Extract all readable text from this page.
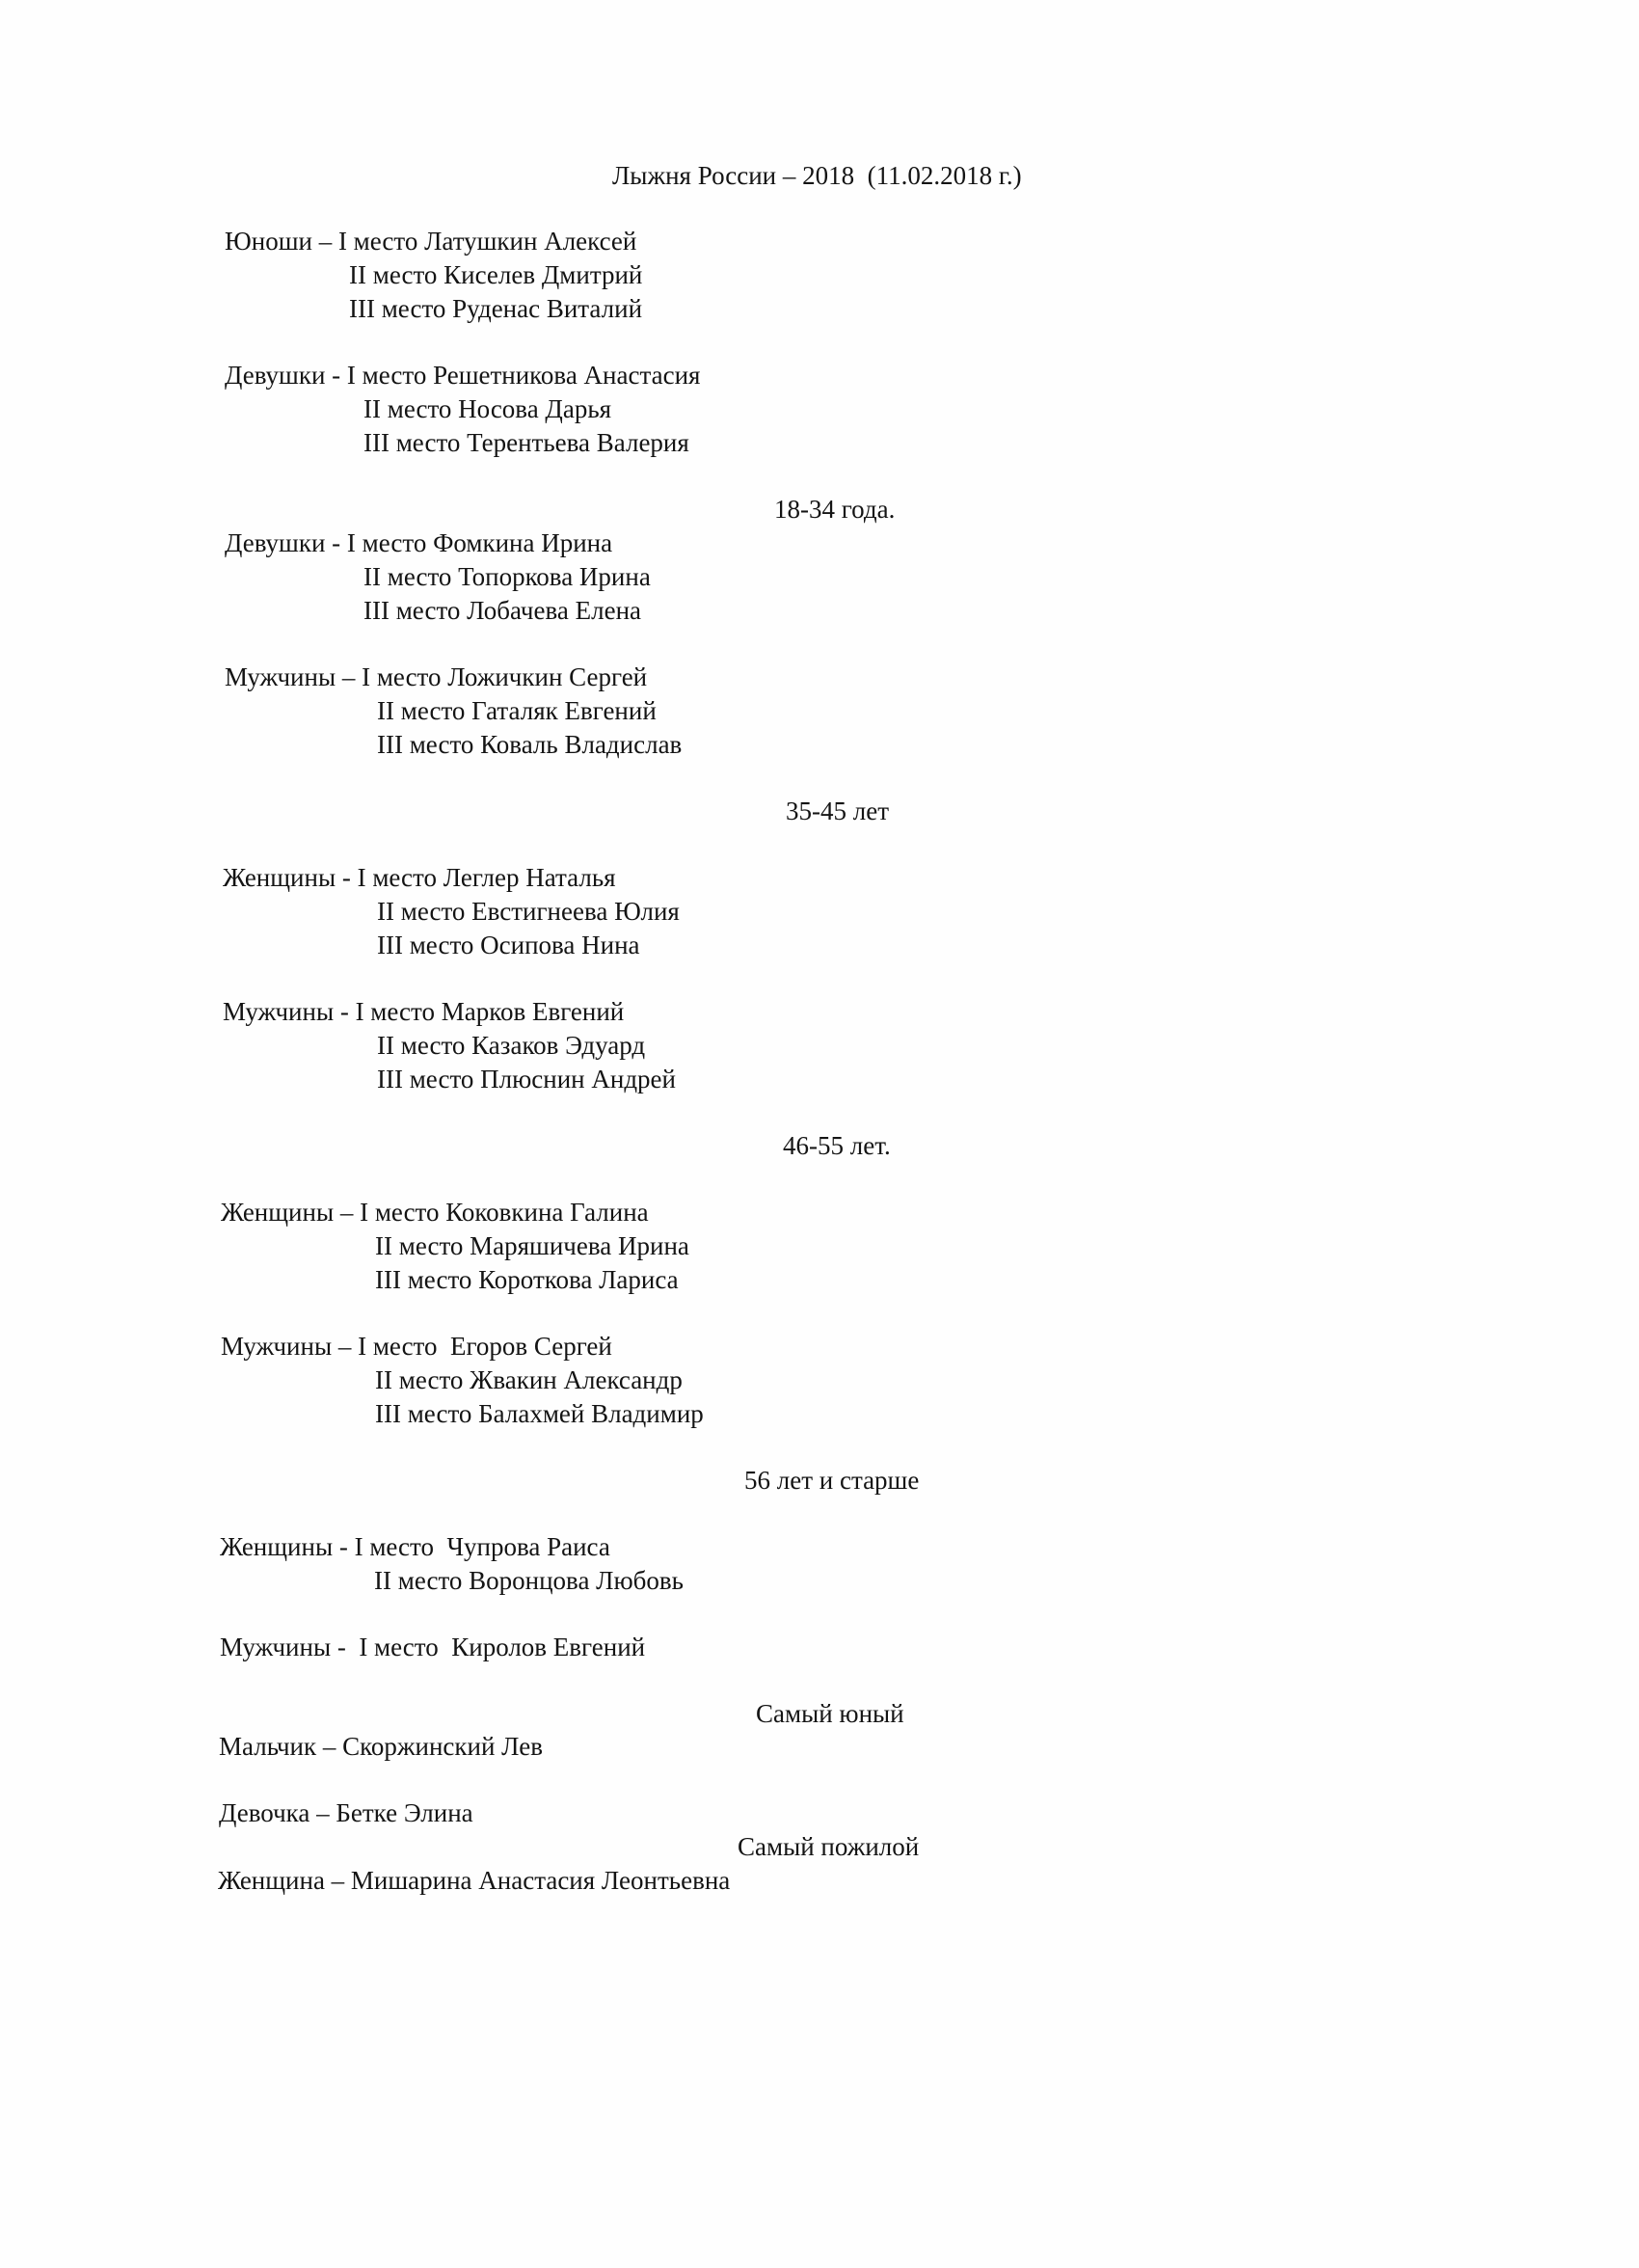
Лыжня России – 2018  (11.02.2018 г.)
Юноши – I место Латушкин Алексей
II место Киселев Дмитрий
III место Руденас Виталий
Девушки - I место Решетникова Анастасия
II место Носова Дарья
III место Терентьева Валерия
18-34 года.
Девушки - I место Фомкина Ирина
II место Топоркова Ирина
III место Лобачева Елена
Мужчины – I место Ложичкин Сергей
II место Гаталяк Евгений
III место Коваль Владислав
35-45 лет
Женщины - I место Леглер Наталья
II место Евстигнеева Юлия
III место Осипова Нина
Мужчины - I место Марков Евгений
II место Казаков Эдуард
III место Плюснин Андрей
46-55 лет.
Женщины – I место Коковкина Галина
II место Маряшичева Ирина
III место Короткова Лариса
Мужчины – I место  Егоров Сергей
II место Жвакин Александр
III место Балахмей Владимир
56 лет и старше
Женщины - I место  Чупрова Раиса
II место Воронцова Любовь
Мужчины -  I место  Киролов Евгений
Самый юный
Мальчик – Скоржинский Лев
Девочка – Бетке Элина
Самый пожилой
Женщина – Мишарина Анастасия Леонтьевна
